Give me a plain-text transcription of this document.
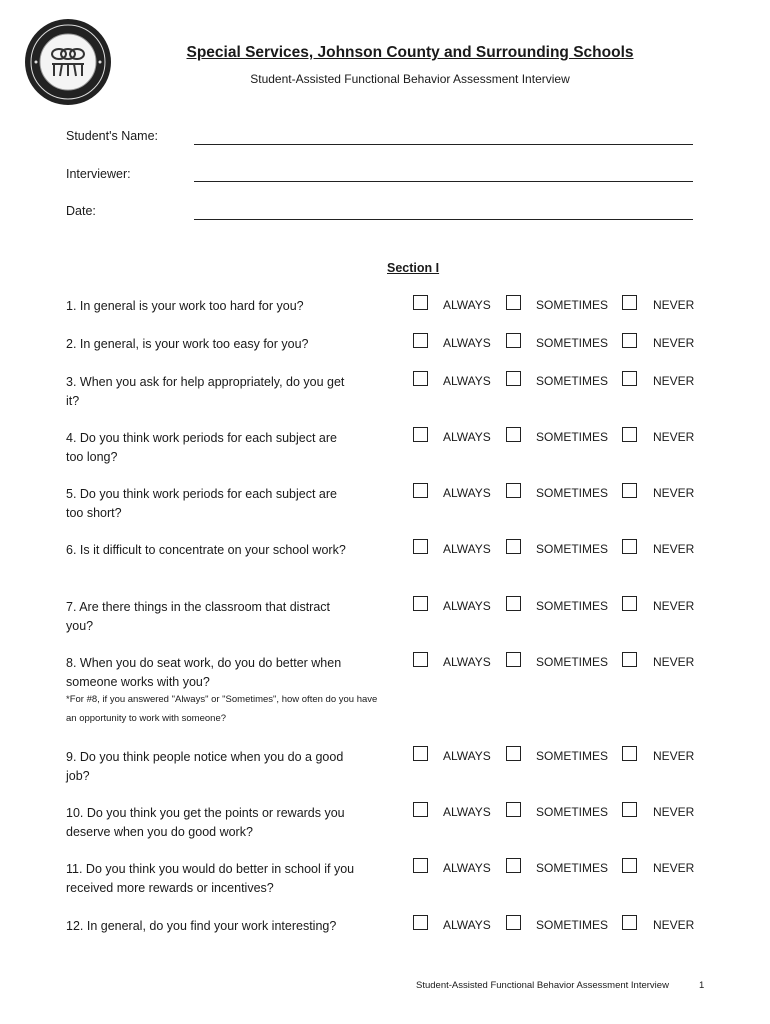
Special Services, Johnson County and Surrounding Schools
Student-Assisted Functional Behavior Assessment Interview
Student's Name:
Interviewer:
Date:
Section I
1. In general is your work too hard for you?	ALWAYS	SOMETIMES	NEVER
2. In general, is your work too easy for you?	ALWAYS	SOMETIMES	NEVER
3. When you ask for help appropriately, do you get it?
ALWAYS	SOMETIMES	NEVER
4. Do you think work periods for each subject are too long?
ALWAYS	SOMETIMES	NEVER
5. Do you think work periods for each subject are too short?
ALWAYS	SOMETIMES	NEVER
6. Is it difficult to concentrate on your school work?	ALWAYS	SOMETIMES	NEVER
7. Are there things in the classroom that distract you?
ALWAYS	SOMETIMES	NEVER
8. When you do seat work, do you do better when someone works with you?
ALWAYS	SOMETIMES	NEVER
9. Do you think people notice when you do a good job?
ALWAYS	SOMETIMES	NEVER
10. Do you think you get the points or rewards you deserve when you do good work?
ALWAYS	SOMETIMES	NEVER
11. Do you think you would do better in school if you received more rewards or incentives?
ALWAYS	SOMETIMES	NEVER
12. In general, do you find your work interesting?	ALWAYS	SOMETIMES	NEVER
*For #8, if you answered "Always" or "Sometimes", how often do you have an opportunity to work with someone?
Student-Assisted Functional Behavior Assessment Interview	1
